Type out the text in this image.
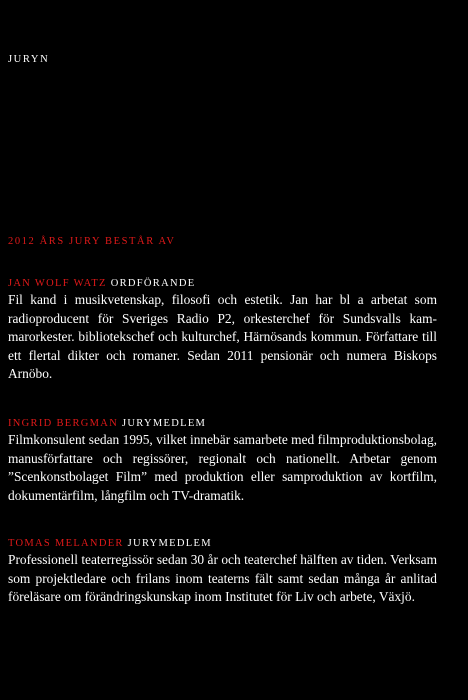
JURYN
2012 ÅRS JURY BESTÅR AV
JAN WOLF WATZ ORDFÖRANDE
Fil kand i musikvetenskap, filosofi och estetik. Jan har bl a arbetat som radioproducent för Sveriges Radio P2, orkesterchef för Sundsvalls kammarorkester. bibliotekschef och kulturchef, Härnösands kommun. Författare till ett flertal dikter och romaner. Sedan 2011 pensionär och numera Biskops Arnöbo.
INGRID BERGMAN JURYMEDLEM
Filmkonsulent sedan 1995, vilket innebär samarbete med filmproduktionsbolag, manusförfattare och regissörer, regionalt och nationellt. Arbetar genom ”Scenkonstbolaget Film” med produktion eller samproduktion av kortfilm, dokumentärfilm, långfilm och TV-dramatik.
TOMAS MELANDER JURYMEDLEM
Professionell teaterregissör sedan 30 år och teaterchef hälften av tiden. Verksam som projektledare och frilans inom teaterns fält samt sedan många år anlitad föreläsare om förändringskunskap inom Institutet för Liv och arbete, Växjö.
